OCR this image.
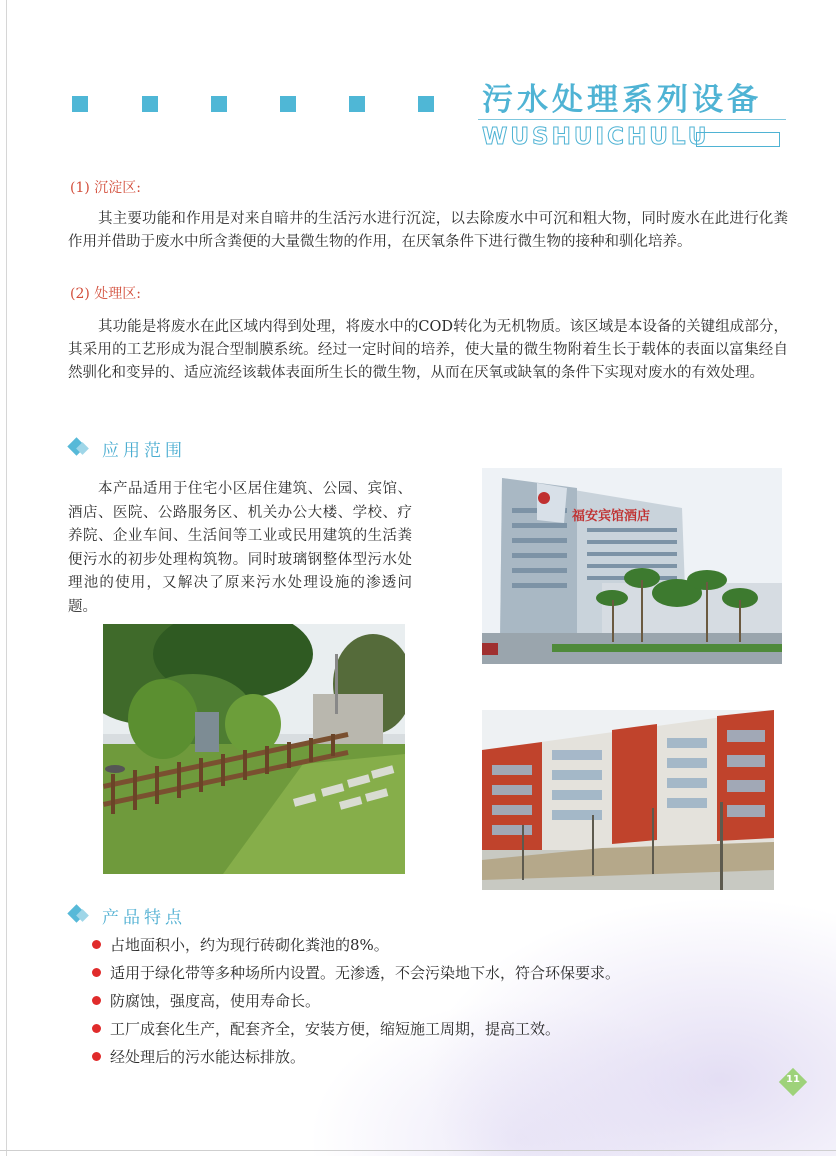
污水处理系列设备
WUSHUICHULU
(1) 沉淀区:
其主要功能和作用是对来自暗井的生活污水进行沉淀，以去除废水中可沉和粗大物，同时废水在此进行化粪作用并借助于废水中所含粪便的大量微生物的作用，在厌氧条件下进行微生物的接种和驯化培养。
(2) 处理区:
其功能是将废水在此区域内得到处理，将废水中的COD转化为无机物质。该区域是本设备的关键组成部分，其采用的工艺形成为混合型制膜系统。经过一定时间的培养，使大量的微生物附着生长于载体的表面以富集经自然驯化和变异的、适应流经该载体表面所生长的微生物，从而在厌氧或缺氧的条件下实现对废水的有效处理。
应用范围
本产品适用于住宅小区居住建筑、公园、宾馆、酒店、医院、公路服务区、机关办公大楼、学校、疗养院、企业车间、生活间等工业或民用建筑的生活粪便污水的初步处理构筑物。同时玻璃钢整体型污水处理池的使用，又解决了原来污水处理设施的渗透问题。
福安宾馆酒店
产品特点
占地面积小，约为现行砖砌化粪池的8%。
适用于绿化带等多种场所内设置。无渗透，不会污染地下水，符合环保要求。
防腐蚀，强度高，使用寿命长。
工厂成套化生产，配套齐全，安装方便，缩短施工周期，提高工效。
经处理后的污水能达标排放。
11
